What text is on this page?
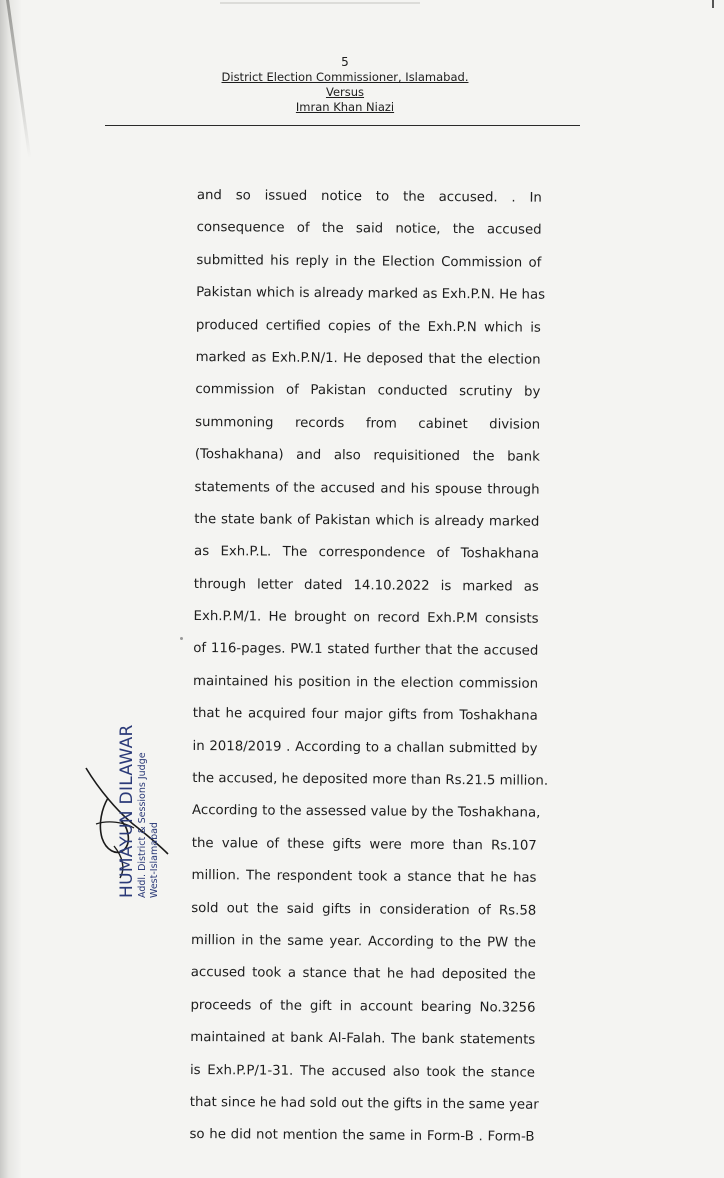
5
District Election Commissioner, Islamabad.
Versus
Imran Khan Niazi
and so issued notice to the accused. . In
consequence of the said notice, the accused
submitted his reply in the Election Commission of
Pakistan which is already marked as Exh.P.N. He has
produced certified copies of the Exh.P.N which is
marked as Exh.P.N/1. He deposed that the election
commission of Pakistan conducted scrutiny by
summoning records from cabinet division
(Toshakhana) and also requisitioned the bank
statements of the accused and his spouse through
the state bank of Pakistan which is already marked
as Exh.P.L. The correspondence of Toshakhana
through letter dated 14.10.2022 is marked as
Exh.P.M/1. He brought on record Exh.P.M consists
of 116-pages. PW.1 stated further that the accused
maintained his position in the election commission
that he acquired four major gifts from Toshakhana
in 2018/2019 . According to a challan submitted by
the accused, he deposited more than Rs.21.5 million.
According to the assessed value by the Toshakhana,
the value of these gifts were more than Rs.107
million. The respondent took a stance that he has
sold out the said gifts in consideration of Rs.58
million in the same year. According to the PW the
accused took a stance that he had deposited the
proceeds of the gift in account bearing No.3256
maintained at bank Al-Falah. The bank statements
is Exh.P.P/1-31. The accused also took the stance
that since he had sold out the gifts in the same year
so he did not mention the same in Form-B . Form-B
HUMAYUN DILAWAR Addl. District & Sessions Judge West-Islamabad
